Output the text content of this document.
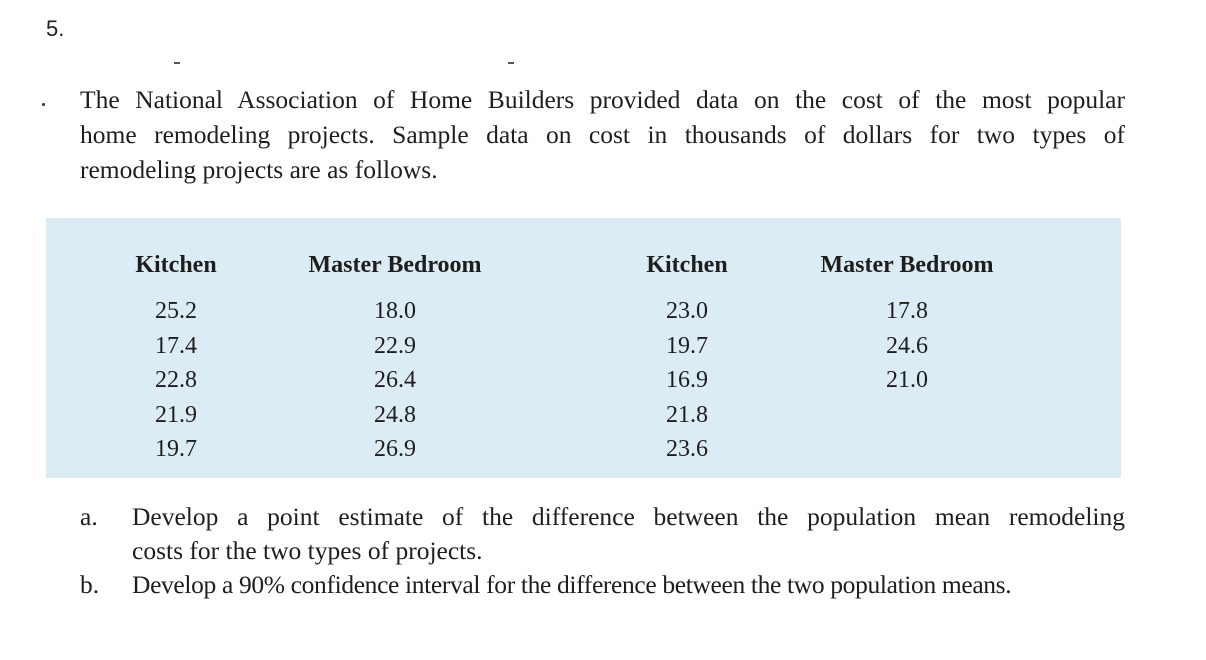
5.
The National Association of Home Builders provided data on the cost of the most popular
home remodeling projects. Sample data on cost in thousands of dollars for two types of
remodeling projects are as follows.
Kitchen
25.2
17.4
22.8
21.9
19.7
Master Bedroom
18.0
22.9
26.4
24.8
26.9
Kitchen
23.0
19.7
16.9
21.8
23.6
Master Bedroom
17.8
24.6
21.0
a. Develop a point estimate of the difference between the population mean remodeling
costs for the two types of projects.
b. Develop a 90% confidence interval for the difference between the two population means.
